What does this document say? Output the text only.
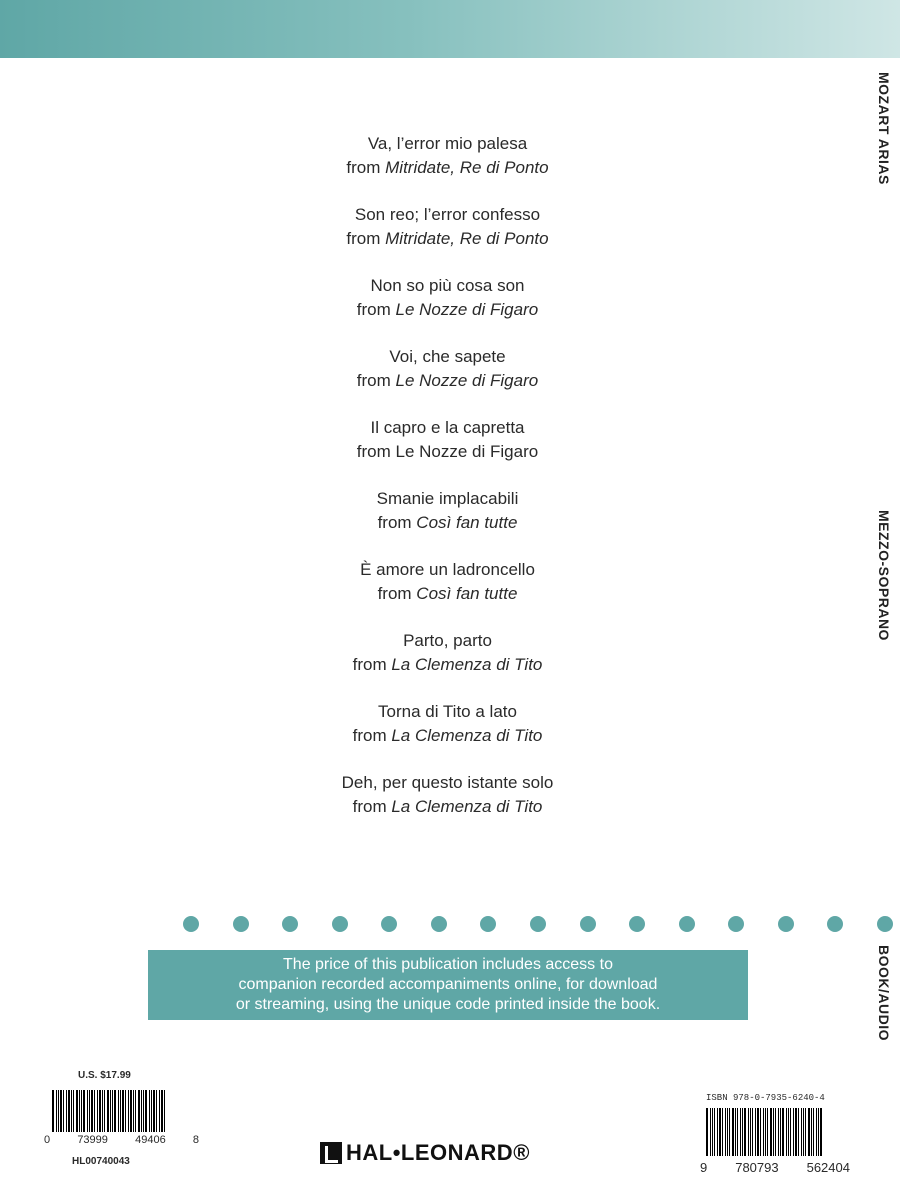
Va, l’error mio palesa
from Mitridate, Re di Ponto
Son reo; l’error confesso
from Mitridate, Re di Ponto
Non so più cosa son
from Le Nozze di Figaro
Voi, che sapete
from Le Nozze di Figaro
Il capro e la capretta
from Le Nozze di Figaro
Smanie implacabili
from Così fan tutte
È amore un ladroncello
from Così fan tutte
Parto, parto
from La Clemenza di Tito
Torna di Tito a lato
from La Clemenza di Tito
Deh, per questo istante solo
from La Clemenza di Tito
MOZART ARIAS
MEZZO-SOPRANO
BOOK/AUDIO
The price of this publication includes access to
companion recorded accompaniments online, for download
or streaming, using the unique code printed inside the book.
U.S. $17.99
0 73999 49406 8
HL00740043	HAL•LEONARD®
ISBN 978-0-7935-6240-4
9 780793 562404
